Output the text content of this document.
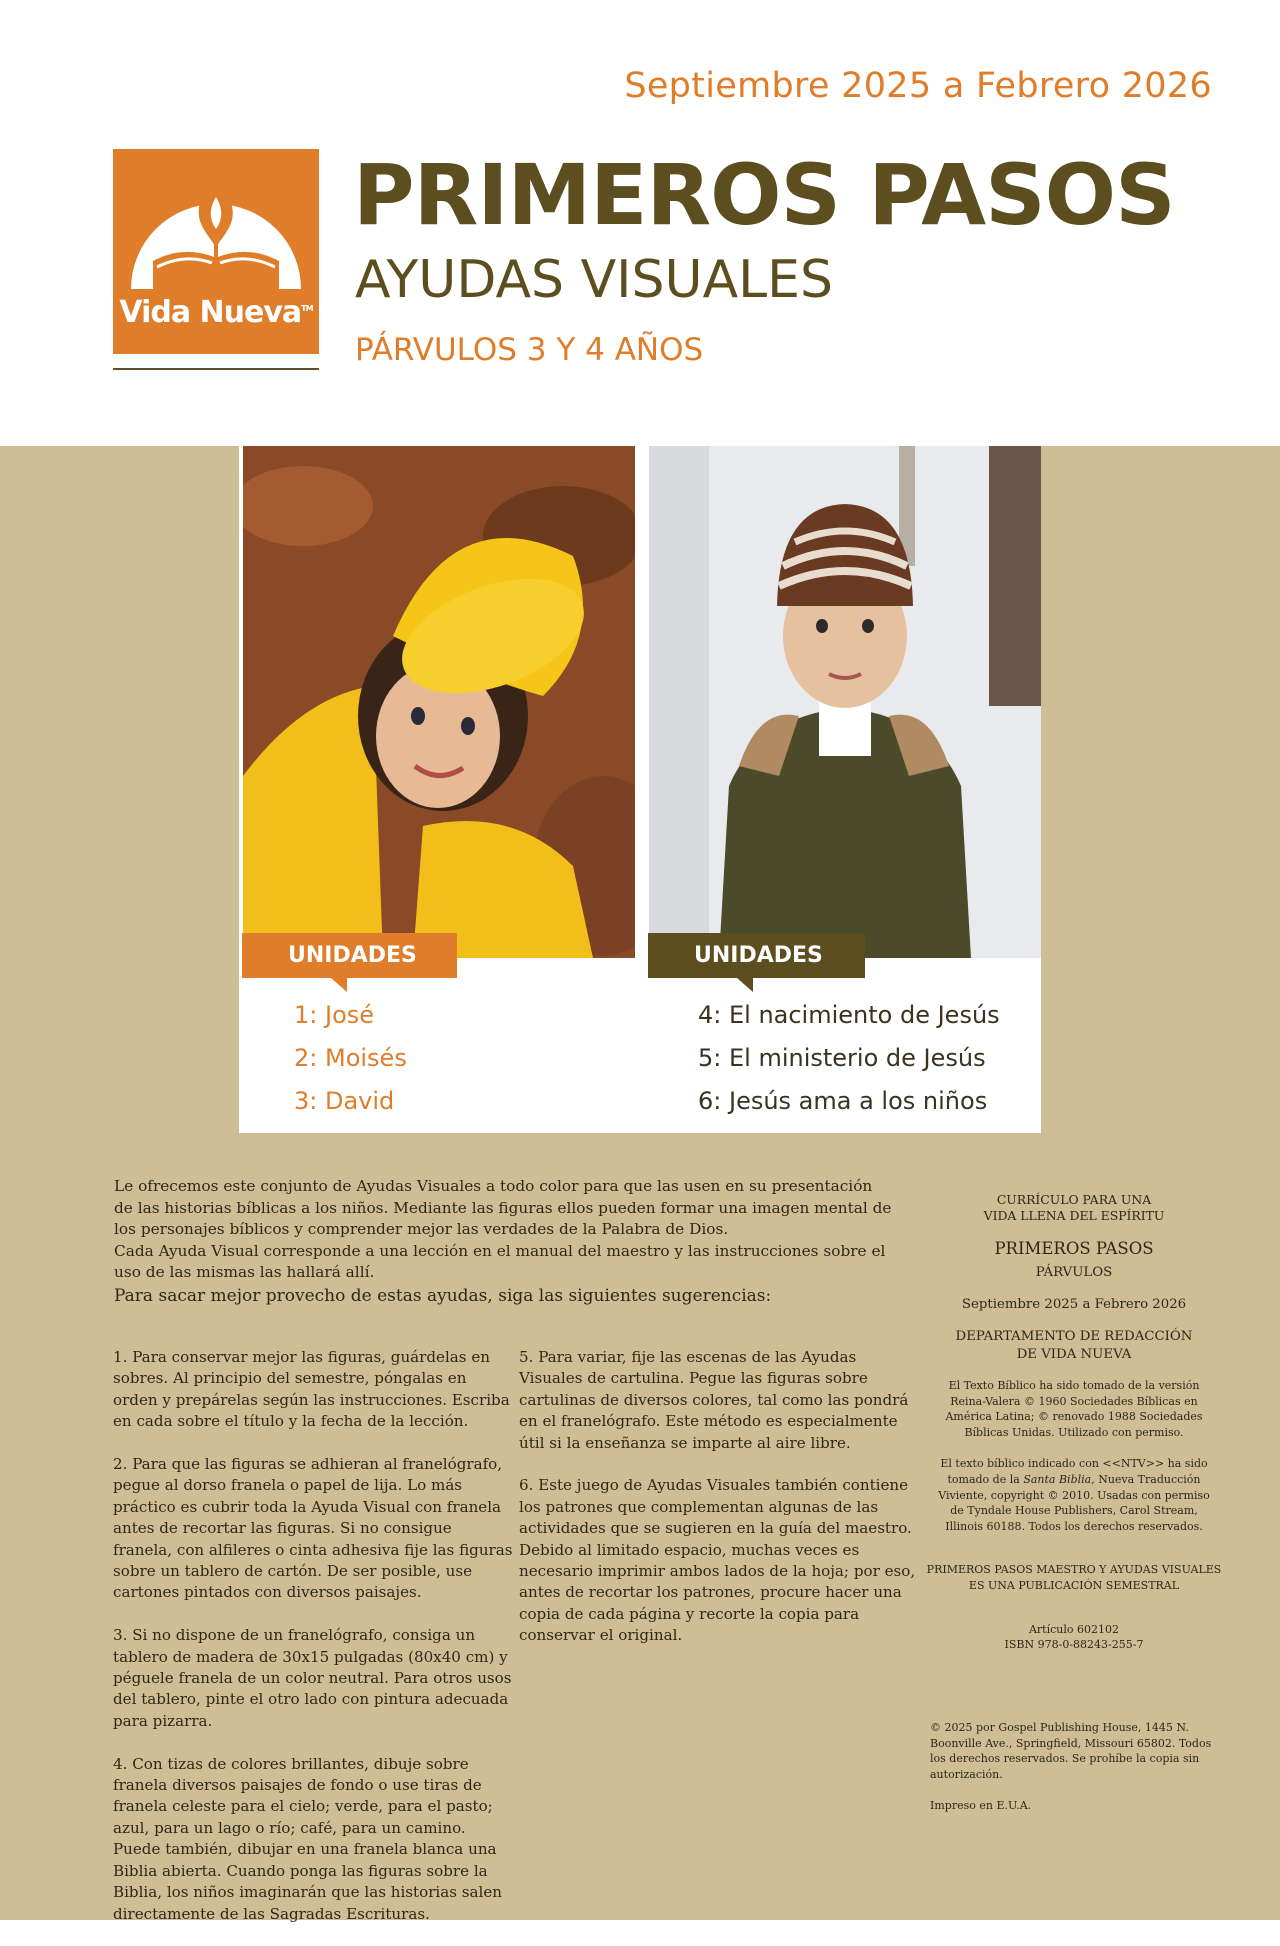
Septiembre 2025 a Febrero 2026
Vida Nueva™
PRIMEROS PASOS
AYUDAS VISUALES
PÁRVULOS 3 Y 4 AÑOS
UNIDADES	UNIDADES
1: José
2: Moisés
3: David
4: El nacimiento de Jesús
5: El ministerio de Jesús
6: Jesús ama a los niños

Le ofrecemos este conjunto de Ayudas Visuales a todo color para que las usen en su presentación de las historias bíblicas a los niños. Mediante las figuras ellos pueden formar una imagen mental de los personajes bíblicos y comprender mejor las verdades de la Palabra de Dios.

Cada Ayuda Visual corresponde a una lección en el manual del maestro y las instrucciones sobre el uso de las mismas las hallará allí.

Para sacar mejor provecho de estas ayudas, siga las siguientes sugerencias:

1. Para conservar mejor las figuras, guárdelas en sobres. Al principio del semestre, póngalas en orden y prepárelas según las instrucciones. Escriba en cada sobre el título y la fecha de la lección.

2. Para que las figuras se adhieran al franelógrafo, pegue al dorso franela o papel de lija. Lo más práctico es cubrir toda la Ayuda Visual con franela antes de recortar las figuras. Si no consigue franela, con alfileres o cinta adhesiva fije las figuras sobre un tablero de cartón. De ser posible, use cartones pintados con diversos paisajes.

3. Si no dispone de un franelógrafo, consiga un tablero de madera de 30x15 pulgadas (80x40 cm) y péguele franela de un color neutral. Para otros usos del tablero, pinte el otro lado con pintura adecuada para pizarra.

4. Con tizas de colores brillantes, dibuje sobre franela diversos paisajes de fondo o use tiras de franela celeste para el cielo; verde, para el pasto; azul, para un lago o río; café, para un camino. Puede también, dibujar en una franela blanca una Biblia abierta. Cuando ponga las figuras sobre la Biblia, los niños imaginarán que las historias salen directamente de las Sagradas Escrituras.

5. Para variar, fije las escenas de las Ayudas Visuales de cartulina. Pegue las figuras sobre cartulinas de diversos colores, tal como las pondrá en el franelógrafo. Este método es especialmente útil si la enseñanza se imparte al aire libre.

6. Este juego de Ayudas Visuales también contiene los patrones que complementan algunas de las actividades que se sugieren en la guía del maestro. Debido al limitado espacio, muchas veces es necesario imprimir ambos lados de la hoja; por eso, antes de recortar los patrones, procure hacer una copia de cada página y recorte la copia para conservar el original.

CURRÍCULO PARA UNA

VIDA LLENA DEL ESPÍRITU

PRIMEROS PASOS

PÁRVULOS

Septiembre 2025 a Febrero 2026

DEPARTAMENTO DE REDACCIÓN

DE VIDA NUEVA

El Texto Bíblico ha sido tomado de la versión Reina-Valera © 1960 Sociedades Bíblicas en América Latina; © renovado 1988 Sociedades Bíblicas Unidas. Utilizado con permiso.

El texto bíblico indicado con <<NTV>> ha sido tomado de la Santa Biblia, Nueva Traducción Viviente, copyright © 2010. Usadas con permiso de Tyndale House Publishers, Carol Stream, Illinois 60188. Todos los derechos reservados.

PRIMEROS PASOS MAESTRO Y AYUDAS VISUALES

ES UNA PUBLICACIÓN SEMESTRAL

Artículo 602102

ISBN 978-0-88243-255-7

© 2025 por Gospel Publishing House, 1445 N. Boonville Ave., Springfield, Missouri 65802. Todos los derechos reservados. Se prohíbe la copia sin autorización.

Impreso en E.U.A.
